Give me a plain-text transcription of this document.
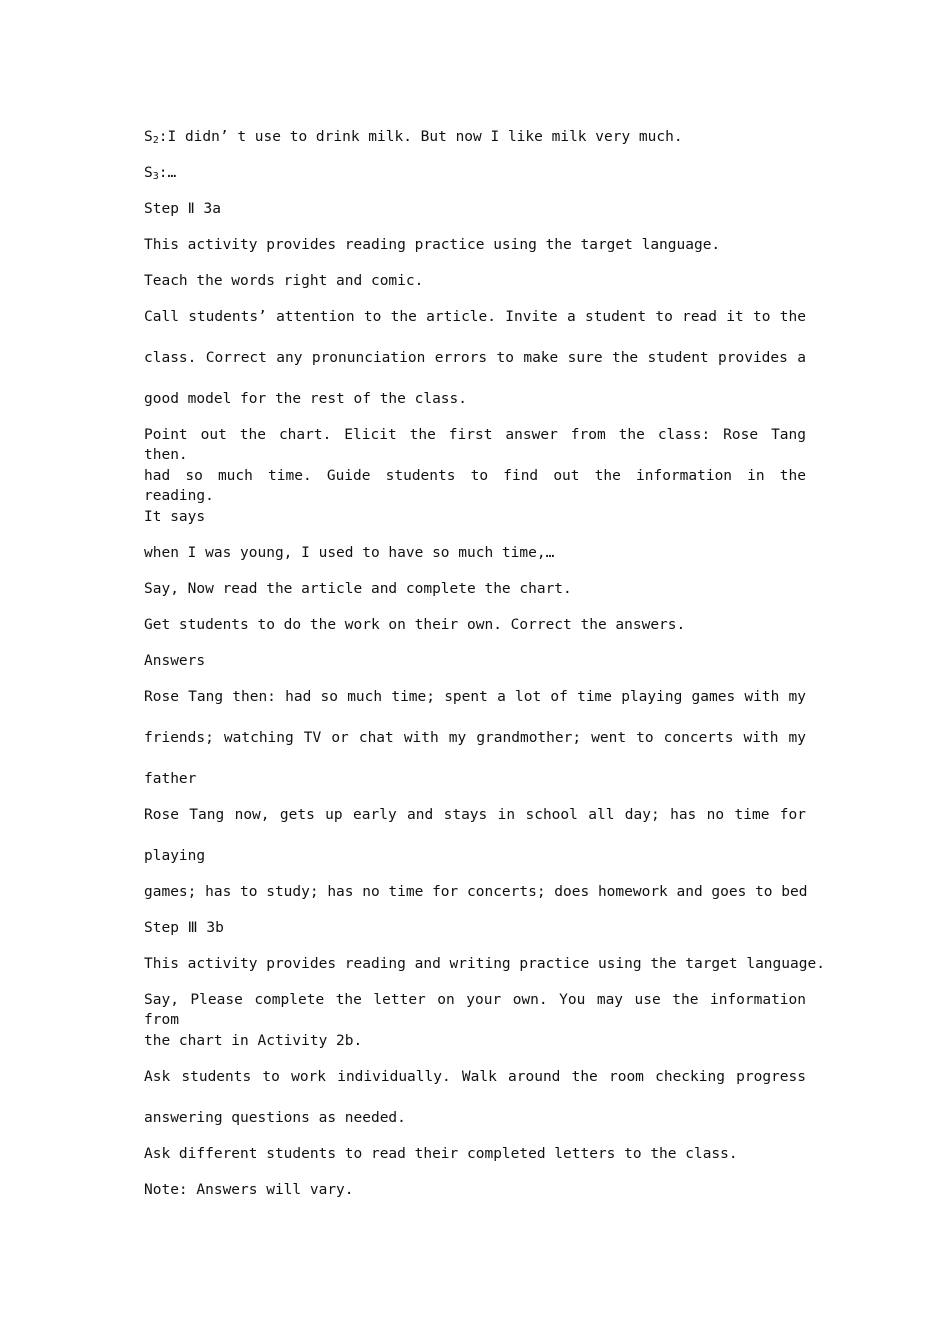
$S_2:I$ didn’ t use to drink milk. But now I like milk very much.

$S_3:\dots$

Step Ⅱ 3a

This activity provides reading practice using the target language.

Teach the words right and comic.

Call students’ attention to the article. Invite a student to read it to the

class. Correct any pronunciation errors to make sure the student provides a

good model for the rest of the class.

Point out the chart. Elicit the first answer from the class: Rose Tang then.

had so much time. Guide students to find out the information in the reading.

It says

when I was young, I used to have so much time,…

Say, Now read the article and complete the chart.

Get students to do the work on their own. Correct the answers.

Answers

Rose Tang then: had so much time; spent a lot of time playing games with my

friends; watching TV or chat with my grandmother; went to concerts with my

father

Rose Tang now, gets up early and stays in school all day; has no time for

playing

games; has to study; has no time for concerts; does homework and goes to bed

Step Ⅲ 3b

This activity provides reading and writing practice using the target language.

Say, Please complete the letter on your own. You may use the information from

the chart in Activity 2b.

Ask students to work individually. Walk around the room checking progress

answering questions as needed.

Ask different students to read their completed letters to the class.

Note: Answers will vary.
